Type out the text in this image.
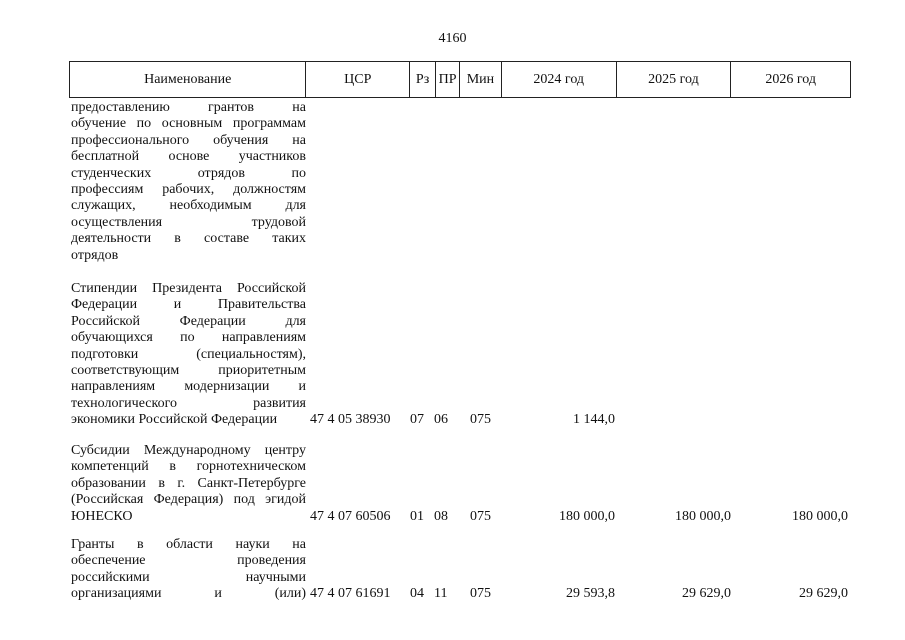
4160
Наименование	ЦСР	Рз ПР Мин	2024 год	2025 год	2026 год
предоставлению грантов на
обучение по основным программам
профессионального обучения на
бесплатной основе участников
студенческих отрядов по
профессиям рабочих, должностям
служащих, необходимым для
осуществления трудовой
деятельности в составе таких
отрядов
Стипендии Президента Российской
Федерации и Правительства
Российской Федерации для
обучающихся по направлениям
подготовки (специальностям),
соответствующим приоритетным
направлениям модернизации и
технологического развития
экономики Российской Федерации	47 4 05 38930 07 06 075	1 144,0
Субсидии Международному центру
компетенций в горнотехническом
образовании в г. Санкт-Петербурге
(Российская Федерация) под эгидой
ЮНЕСКО	47 4 07 60506 01 08 075	180 000,0	180 000,0	180 000,0
Гранты в области науки на
обеспечение проведения
российскими научными
организациями и (или) 47 4 07 61691 04 11 075	29 593,8	29 629,0	29 629,0
